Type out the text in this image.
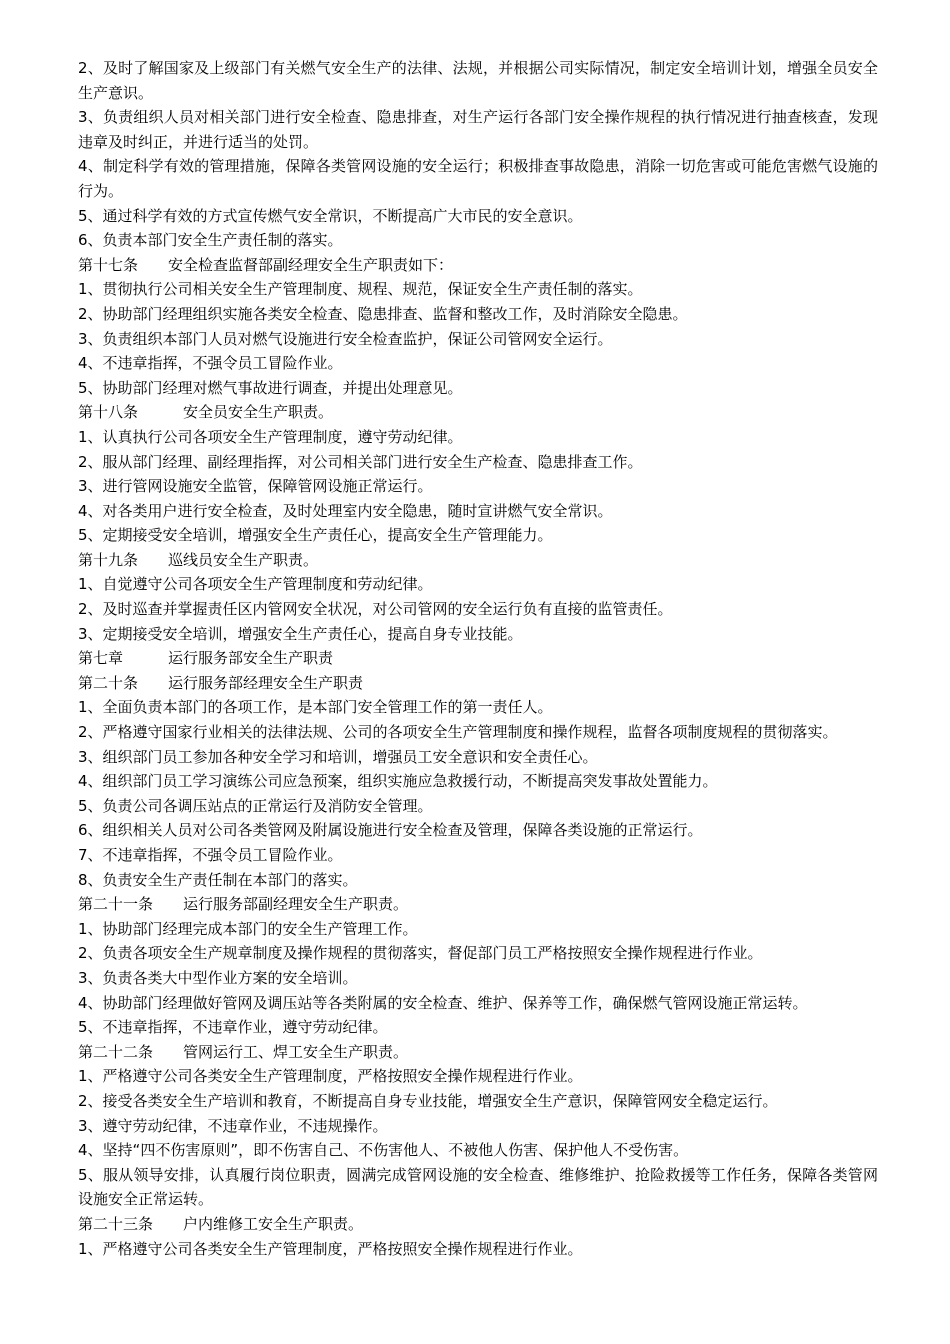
2、及时了解国家及上级部门有关燃气安全生产的法律、法规，并根据公司实际情况，制定安全培训计划，增强全员安全生产意识。

3、负责组织人员对相关部门进行安全检查、隐患排查，对生产运行各部门安全操作规程的执行情况进行抽查核查，发现违章及时纠正，并进行适当的处罚。

4、制定科学有效的管理措施，保障各类管网设施的安全运行；积极排查事故隐患，消除一切危害或可能危害燃气设施的行为。

5、通过科学有效的方式宣传燃气安全常识，不断提高广大市民的安全意识。

6、负责本部门安全生产责任制的落实。

第十七条　　安全检查监督部副经理安全生产职责如下：

1、贯彻执行公司相关安全生产管理制度、规程、规范，保证安全生产责任制的落实。

2、协助部门经理组织实施各类安全检查、隐患排查、监督和整改工作，及时消除安全隐患。

3、负责组织本部门人员对燃气设施进行安全检查监护，保证公司管网安全运行。

4、不违章指挥，不强令员工冒险作业。

5、协助部门经理对燃气事故进行调查，并提出处理意见。

第十八条　　　安全员安全生产职责。

1、认真执行公司各项安全生产管理制度，遵守劳动纪律。

2、服从部门经理、副经理指挥，对公司相关部门进行安全生产检查、隐患排查工作。

3、进行管网设施安全监管，保障管网设施正常运行。

4、对各类用户进行安全检查，及时处理室内安全隐患，随时宣讲燃气安全常识。

5、定期接受安全培训，增强安全生产责任心，提高安全生产管理能力。

第十九条　　巡线员安全生产职责。

1、自觉遵守公司各项安全生产管理制度和劳动纪律。

2、及时巡查并掌握责任区内管网安全状况，对公司管网的安全运行负有直接的监管责任。

3、定期接受安全培训，增强安全生产责任心，提高自身专业技能。

第七章　　　运行服务部安全生产职责

第二十条　　运行服务部经理安全生产职责

1、全面负责本部门的各项工作，是本部门安全管理工作的第一责任人。

2、严格遵守国家行业相关的法律法规、公司的各项安全生产管理制度和操作规程，监督各项制度规程的贯彻落实。

3、组织部门员工参加各种安全学习和培训，增强员工安全意识和安全责任心。

4、组织部门员工学习演练公司应急预案，组织实施应急救援行动，不断提高突发事故处置能力。

5、负责公司各调压站点的正常运行及消防安全管理。

6、组织相关人员对公司各类管网及附属设施进行安全检查及管理，保障各类设施的正常运行。

7、不违章指挥，不强令员工冒险作业。

8、负责安全生产责任制在本部门的落实。

第二十一条　　运行服务部副经理安全生产职责。

1、协助部门经理完成本部门的安全生产管理工作。

2、负责各项安全生产规章制度及操作规程的贯彻落实，督促部门员工严格按照安全操作规程进行作业。

3、负责各类大中型作业方案的安全培训。

4、协助部门经理做好管网及调压站等各类附属的安全检查、维护、保养等工作，确保燃气管网设施正常运转。

5、不违章指挥，不违章作业，遵守劳动纪律。

第二十二条　　管网运行工、焊工安全生产职责。

1、严格遵守公司各类安全生产管理制度，严格按照安全操作规程进行作业。

2、接受各类安全生产培训和教育，不断提高自身专业技能，增强安全生产意识，保障管网安全稳定运行。

3、遵守劳动纪律，不违章作业，不违规操作。

4、坚持“四不伤害原则”，即不伤害自己、不伤害他人、不被他人伤害、保护他人不受伤害。

5、服从领导安排，认真履行岗位职责，圆满完成管网设施的安全检查、维修维护、抢险救援等工作任务，保障各类管网设施安全正常运转。

第二十三条　　户内维修工安全生产职责。

1、严格遵守公司各类安全生产管理制度，严格按照安全操作规程进行作业。
